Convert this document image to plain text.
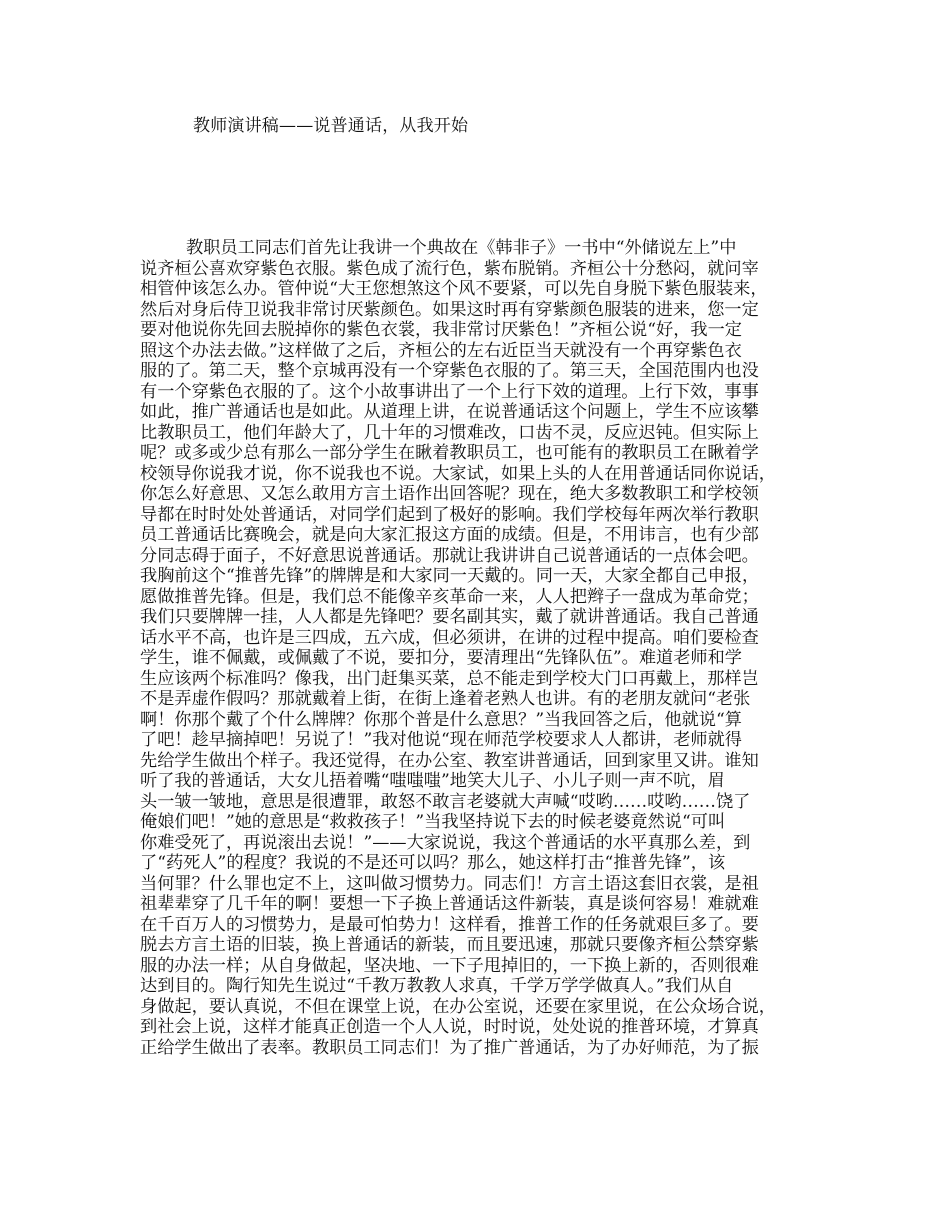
教师演讲稿——说普通话，从我开始
教职员工同志们首先让我讲一个典故在《韩非子》一书中“外储说左上”中
说齐桓公喜欢穿紫色衣服。紫色成了流行色，紫布脱销。齐桓公十分愁闷，就问宰
相管仲该怎么办。管仲说“大王您想煞这个风不要紧，可以先自身脱下紫色服装来，
然后对身后侍卫说我非常讨厌紫颜色。如果这时再有穿紫颜色服装的进来，您一定
要对他说你先回去脱掉你的紫色衣裳，我非常讨厌紫色！”齐桓公说“好，我一定
照这个办法去做。”这样做了之后，齐桓公的左右近臣当天就没有一个再穿紫色衣
服的了。第二天，整个京城再没有一个穿紫色衣服的了。第三天，全国范围内也没
有一个穿紫色衣服的了。这个小故事讲出了一个上行下效的道理。上行下效，事事
如此，推广普通话也是如此。从道理上讲，在说普通话这个问题上，学生不应该攀
比教职员工，他们年龄大了，几十年的习惯难改，口齿不灵，反应迟钝。但实际上
呢？或多或少总有那么一部分学生在瞅着教职员工，也可能有的教职员工在瞅着学
校领导你说我才说，你不说我也不说。大家试，如果上头的人在用普通话同你说话，
你怎么好意思、又怎么敢用方言土语作出回答呢？现在，绝大多数教职工和学校领
导都在时时处处普通话，对同学们起到了极好的影响。我们学校每年两次举行教职
员工普通话比赛晚会，就是向大家汇报这方面的成绩。但是，不用讳言，也有少部
分同志碍于面子，不好意思说普通话。那就让我讲讲自己说普通话的一点体会吧。
我胸前这个“推普先锋”的牌牌是和大家同一天戴的。同一天，大家全都自己申报，
愿做推普先锋。但是，我们总不能像辛亥革命一来，人人把辫子一盘成为革命党；
我们只要牌牌一挂，人人都是先锋吧？要名副其实，戴了就讲普通话。我自己普通
话水平不高，也许是三四成，五六成，但必须讲，在讲的过程中提高。咱们要检查
学生，谁不佩戴，或佩戴了不说，要扣分，要清理出“先锋队伍”。难道老师和学
生应该两个标准吗？像我，出门赶集买菜，总不能走到学校大门口再戴上，那样岂
不是弄虚作假吗？那就戴着上街，在街上逢着老熟人也讲。有的老朋友就问“老张
啊！你那个戴了个什么牌牌？你那个普是什么意思？”当我回答之后，他就说“算
了吧！趁早摘掉吧！另说了！”我对他说“现在师范学校要求人人都讲，老师就得
先给学生做出个样子。我还觉得，在办公室、教室讲普通话，回到家里又讲。谁知
听了我的普通话，大女儿捂着嘴“嗤嗤嗤”地笑大儿子、小儿子则一声不吭，眉
头一皱一皱地，意思是很遭罪，敢怒不敢言老婆就大声喊“哎哟……哎哟……饶了
俺娘们吧！”她的意思是“救救孩子！”当我坚持说下去的时候老婆竟然说“可叫
你难受死了，再说滚出去说！”——大家说说，我这个普通话的水平真那么差，到
了“药死人”的程度？我说的不是还可以吗？那么，她这样打击“推普先锋”，该
当何罪？什么罪也定不上，这叫做习惯势力。同志们！方言土语这套旧衣裳，是祖
祖辈辈穿了几千年的啊！要想一下子换上普通话这件新装，真是谈何容易！难就难
在千百万人的习惯势力，是最可怕势力！这样看，推普工作的任务就艰巨多了。要
脱去方言土语的旧装，换上普通话的新装，而且要迅速，那就只要像齐桓公禁穿紫
服的办法一样；从自身做起，坚决地、一下子甩掉旧的，一下换上新的，否则很难
达到目的。陶行知先生说过“千教万教教人求真，千学万学学做真人。”我们从自
身做起，要认真说，不但在课堂上说，在办公室说，还要在家里说，在公众场合说，
到社会上说，这样才能真正创造一个人人说，时时说，处处说的推普环境，才算真
正给学生做出了表率。教职员工同志们！为了推广普通话，为了办好师范，为了振
